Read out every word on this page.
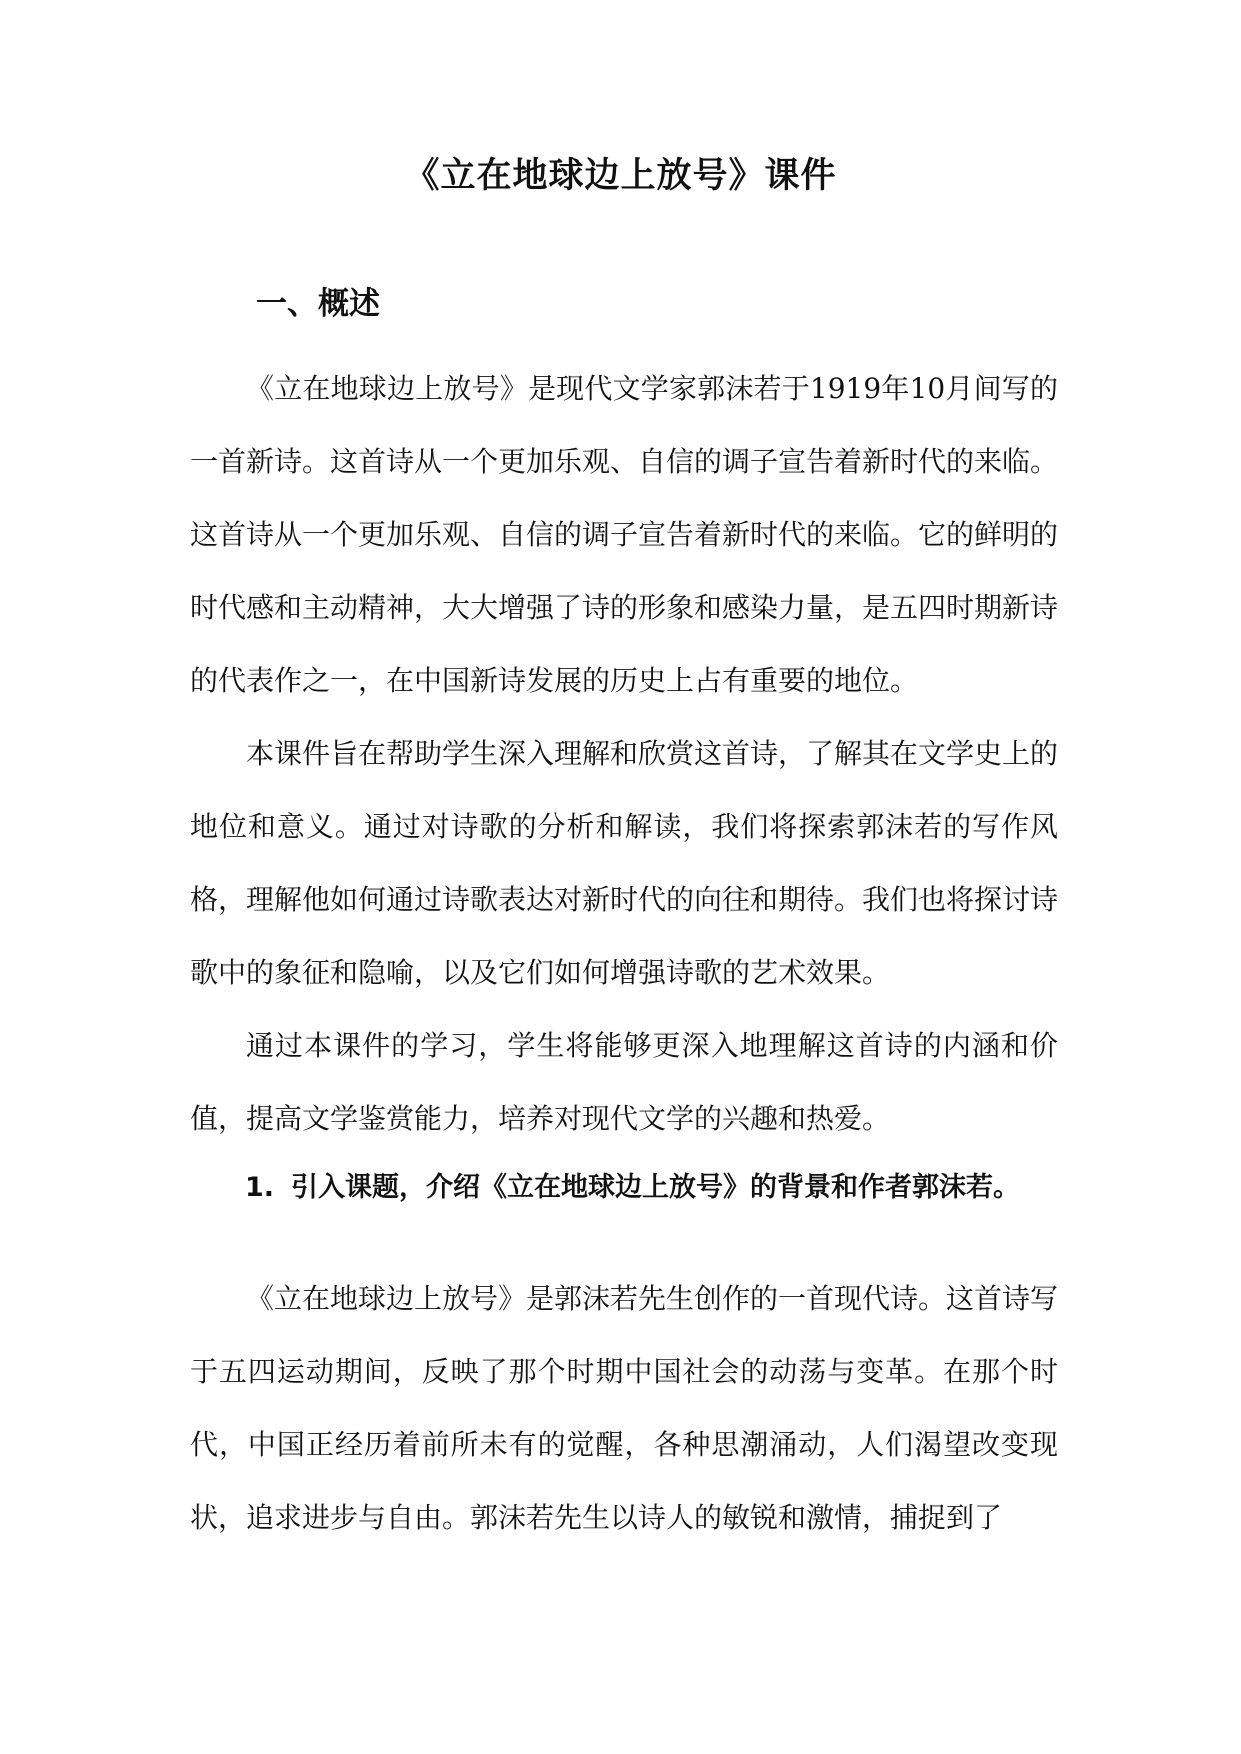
《立在地球边上放号》课件
一、概述

《立在地球边上放号》是现代文学家郭沫若于1919年10月间写的一首新诗。这首诗从一个更加乐观、自信的调子宣告着新时代的来临。这首诗从一个更加乐观、自信的调子宣告着新时代的来临。它的鲜明的时代感和主动精神，大大增强了诗的形象和感染力量，是五四时期新诗的代表作之一，在中国新诗发展的历史上占有重要的地位。

本课件旨在帮助学生深入理解和欣赏这首诗，了解其在文学史上的地位和意义。通过对诗歌的分析和解读，我们将探索郭沫若的写作风格，理解他如何通过诗歌表达对新时代的向往和期待。我们也将探讨诗歌中的象征和隐喻，以及它们如何增强诗歌的艺术效果。

通过本课件的学习，学生将能够更深入地理解这首诗的内涵和价值，提高文学鉴赏能力，培养对现代文学的兴趣和热爱。

1. 引入课题，介绍《立在地球边上放号》的背景和作者郭沫若。

《立在地球边上放号》是郭沫若先生创作的一首现代诗。这首诗写于五四运动期间，反映了那个时期中国社会的动荡与变革。在那个时代，中国正经历着前所未有的觉醒，各种思潮涌动，人们渴望改变现状，追求进步与自由。郭沫若先生以诗人的敏锐和激情，捕捉到了
